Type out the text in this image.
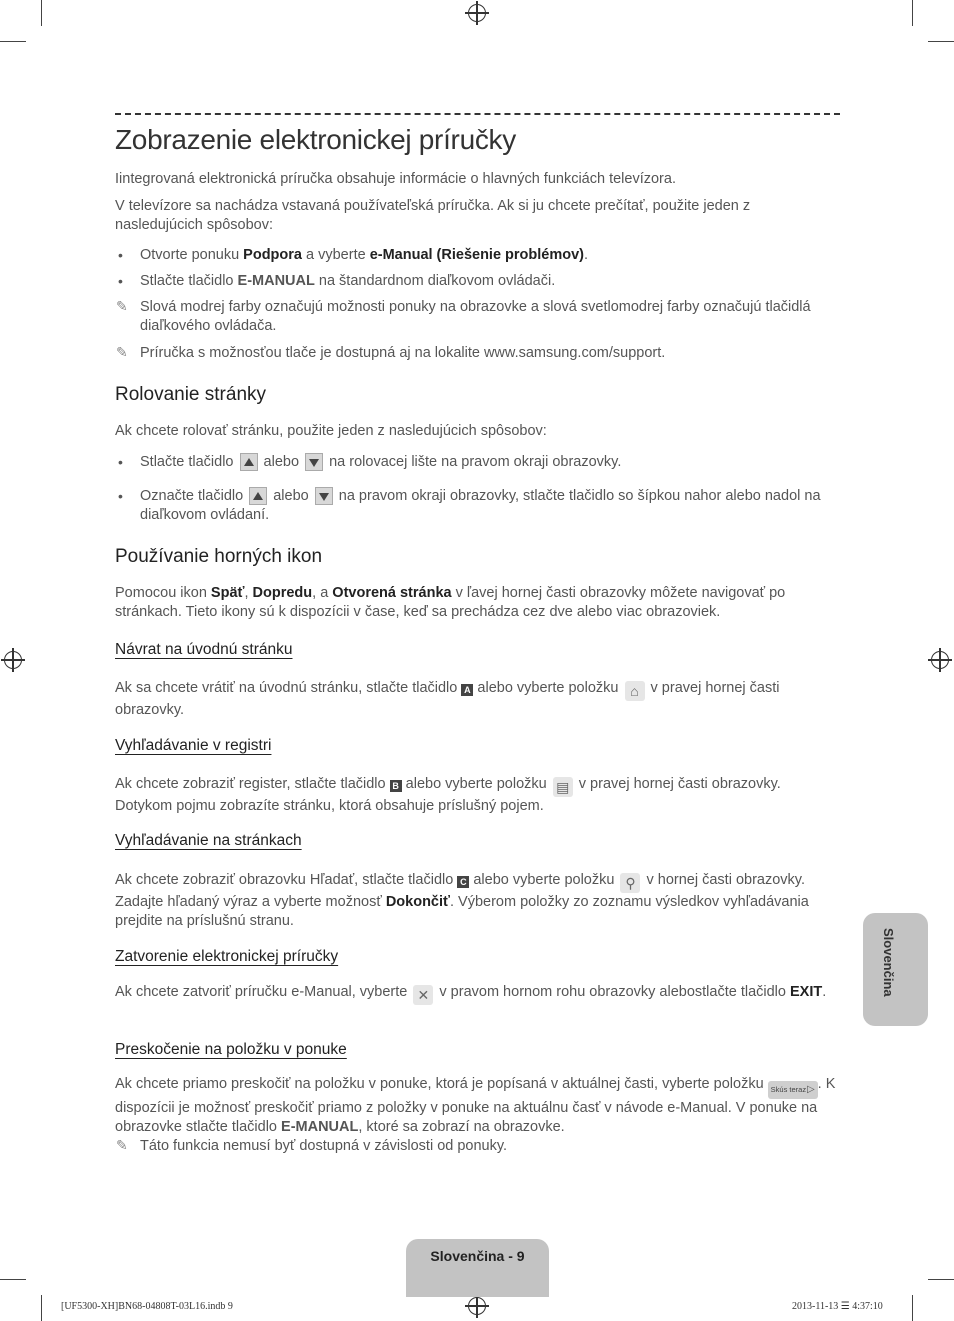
Zobrazenie elektronickej príručky

Iintegrovaná elektronická príručka obsahuje informácie o hlavných funkciách televízora.

V televízore sa nachádza vstavaná používateľská príručka. Ak si ju chcete prečítať, použite jeden z nasledujúcich spôsobov:

• Otvorte ponuku Podpora a vyberte e-Manual (Riešenie problémov).
• Stlačte tlačidlo E-MANUAL na štandardnom diaľkovom ovládači.
✎ Slová modrej farby označujú možnosti ponuky na obrazovke a slová svetlomodrej farby označujú tlačidlá diaľkového ovládača.
✎ Príručka s možnosťou tlače je dostupná aj na lokalite www.samsung.com/support.
Rolovanie stránky

Ak chcete rolovať stránku, použite jeden z nasledujúcich spôsobov:

• Stlačte tlačidlo  alebo  na rolovacej lište na pravom okraji obrazovky.
• Označte tlačidlo  alebo  na pravom okraji obrazovky, stlačte tlačidlo so šípkou nahor alebo nadol na diaľkovom ovládaní.
Používanie horných ikon

Pomocou ikon Späť, Dopredu, a Otvorená stránka v ľavej hornej časti obrazovky môžete navigovať po stránkach. Tieto ikony sú k dispozícii v čase, keď sa prechádza cez dve alebo viac obrazoviek.

Návrat na úvodnú stránku

Ak sa chcete vrátiť na úvodnú stránku, stlačte tlačidlo A alebo vyberte položku ⌂ v pravej hornej časti obrazovky.

Vyhľadávanie v registri

Ak chcete zobraziť register, stlačte tlačidlo B alebo vyberte položku ▤ v pravej hornej časti obrazovky. Dotykom pojmu zobrazíte stránku, ktorá obsahuje príslušný pojem.

Vyhľadávanie na stránkach

Ak chcete zobraziť obrazovku Hľadať, stlačte tlačidlo C alebo vyberte položku ⚲ v hornej časti obrazovky. Zadajte hľadaný výraz a vyberte možnosť Dokončiť. Výberom položky zo zoznamu výsledkov vyhľadávania prejdite na príslušnú stranu.

Zatvorenie elektronickej príručky

Ak chcete zatvoriť príručku e-Manual, vyberte ✕ v pravom hornom rohu obrazovky alebostlačte tlačidlo EXIT.

Preskočenie na položku v ponuke

Ak chcete priamo preskočiť na položku v ponuke, ktorá je popísaná v aktuálnej časti, vyberte položku Skús teraz ▷ . K dispozícii je možnosť preskočiť priamo z položky v ponuke na aktuálnu časť v návode e-Manual. V ponuke na obrazovke stlačte tlačidlo E-MANUAL, ktoré sa zobrazí na obrazovke.

✎ Táto funkcia nemusí byť dostupná v závislosti od ponuky.
Slovenčina
Slovenčina - 9
[UF5300-XH]BN68-04808T-03L16.indb 9	2013-11-13 ☰ 4:37:10
